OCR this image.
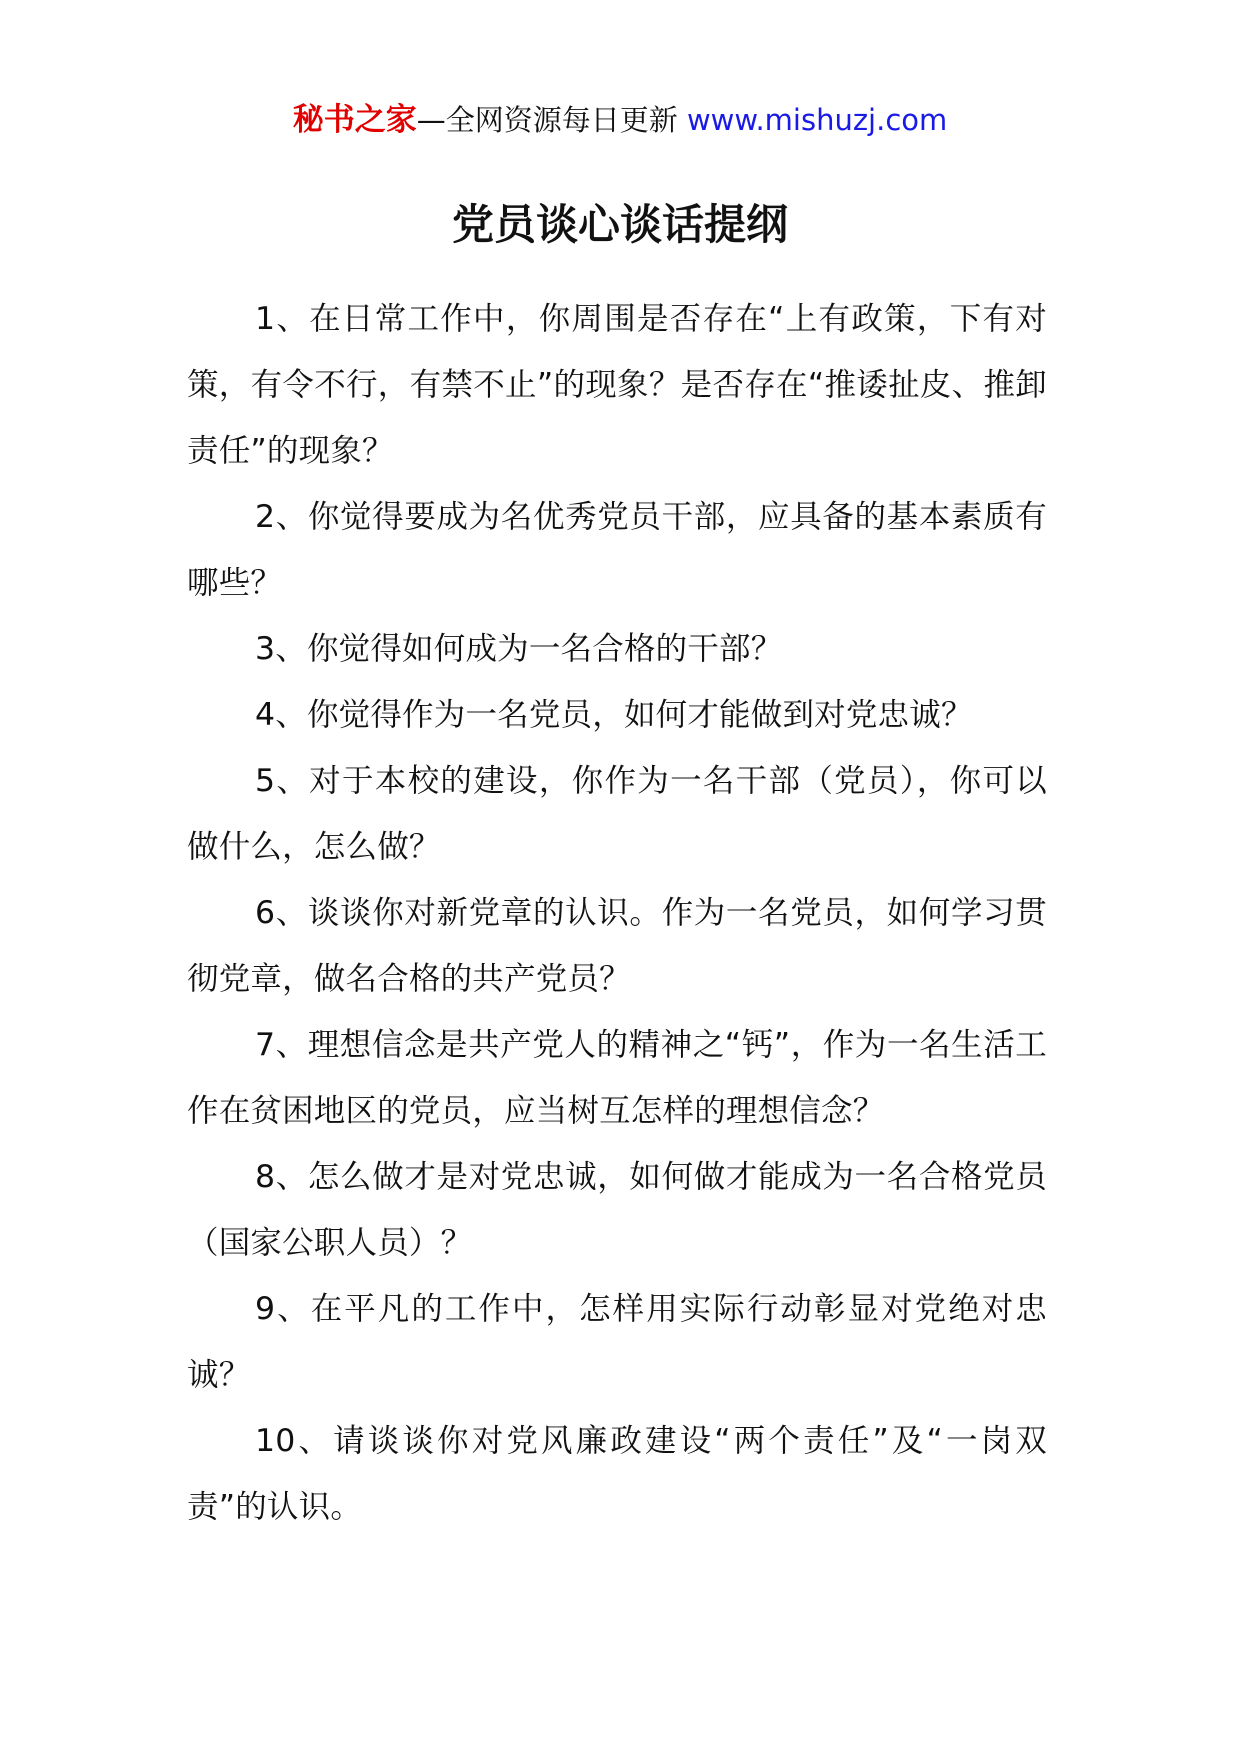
秘书之家—全网资源每日更新 www.mishuzj.com
党员谈心谈话提纲

1、在日常工作中，你周围是否存在“上有政策，下有对策，有令不行，有禁不止”的现象？是否存在“推诿扯皮、推卸责任”的现象？

2、你觉得要成为名优秀党员干部，应具备的基本素质有哪些？

3、你觉得如何成为一名合格的干部？

4、你觉得作为一名党员，如何才能做到对党忠诚？

5、对于本校的建设，你作为一名干部（党员），你可以做什么，怎么做？

6、谈谈你对新党章的认识。作为一名党员，如何学习贯彻党章，做名合格的共产党员？

7、理想信念是共产党人的精神之“钙”，作为一名生活工作在贫困地区的党员，应当树互怎样的理想信念？

8、怎么做才是对党忠诚，如何做才能成为一名合格党员（国家公职人员）？

9、在平凡的工作中，怎样用实际行动彰显对党绝对忠诚？

10、请谈谈你对党风廉政建设“两个责任”及“一岗双责”的认识。
